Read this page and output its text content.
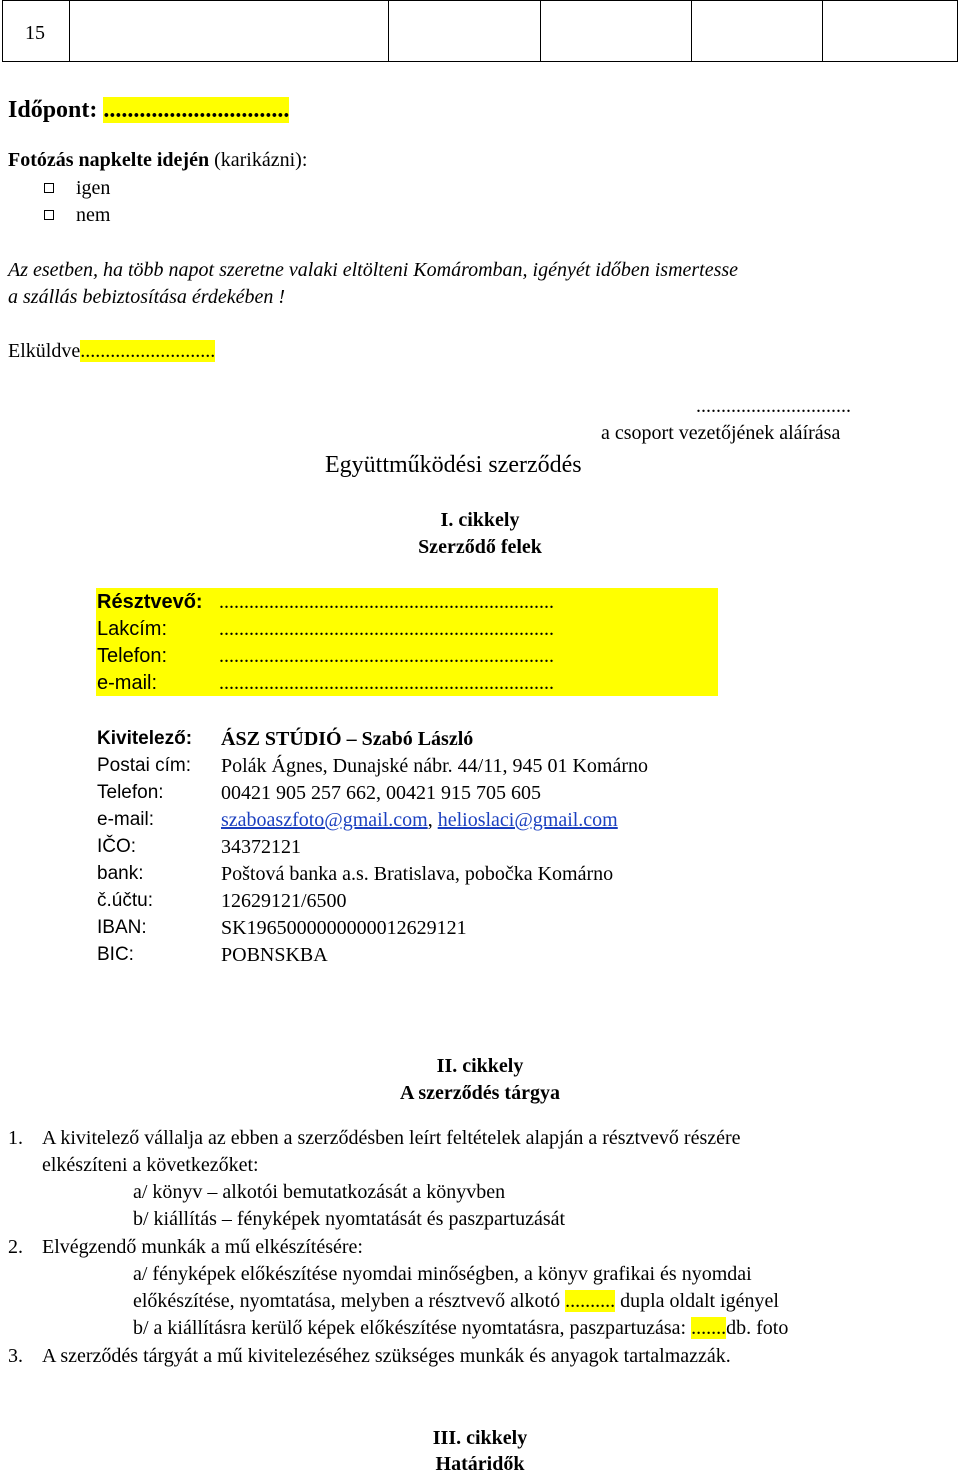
15
Időpont: ...............................
Fotózás napkelte idején (karikázni):
igen
nem
Az esetben, ha több napot szeretne valaki eltölteni Komáromban, igényét időben ismertesse
a szállás bebiztosítása érdekében !
Elküldve...........................
...............................
a csoport vezetőjének aláírása
Együttműködési szerződés
I. cikkely
Szerződő felek
Résztvevő: ...................................................................
Lakcím:	...................................................................
Telefon:	...................................................................
e-mail:	...................................................................
Kivitelező: ÁSZ STÚDIÓ – Szabó László
Postai cím: Polák Ágnes, Dunajské nábr. 44/11, 945 01 Komárno
Telefon:	00421 905 257 662, 00421 915 705 605
e-mail:	szaboaszfoto@gmail.com, helioslaci@gmail.com
IČO:	34372121
bank:	Poštová banka a.s. Bratislava, pobočka Komárno
č.účtu:	12629121/6500
IBAN:	SK1965000000000012629121
BIC:	POBNSKBA
II. cikkely
A szerződés tárgya
1. A kivitelező vállalja az ebben a szerződésben leírt feltételek alapján a résztvevő részére
elkészíteni a következőket:
a/ könyv – alkotói bemutatkozását a könyvben
b/ kiállítás – fényképek nyomtatását és paszpartuzását
2. Elvégzendő munkák a mű elkészítésére:
a/ fényképek előkészítése nyomdai minőségben, a könyv grafikai és nyomdai
előkészítése, nyomtatása, melyben a résztvevő alkotó .......... dupla oldalt igényel
b/ a kiállításra kerülő képek előkészítése nyomtatásra, paszpartuzása: .......db. foto
3. A szerződés tárgyát a mű kivitelezéséhez szükséges munkák és anyagok tartalmazzák.
III. cikkely
Határidők
